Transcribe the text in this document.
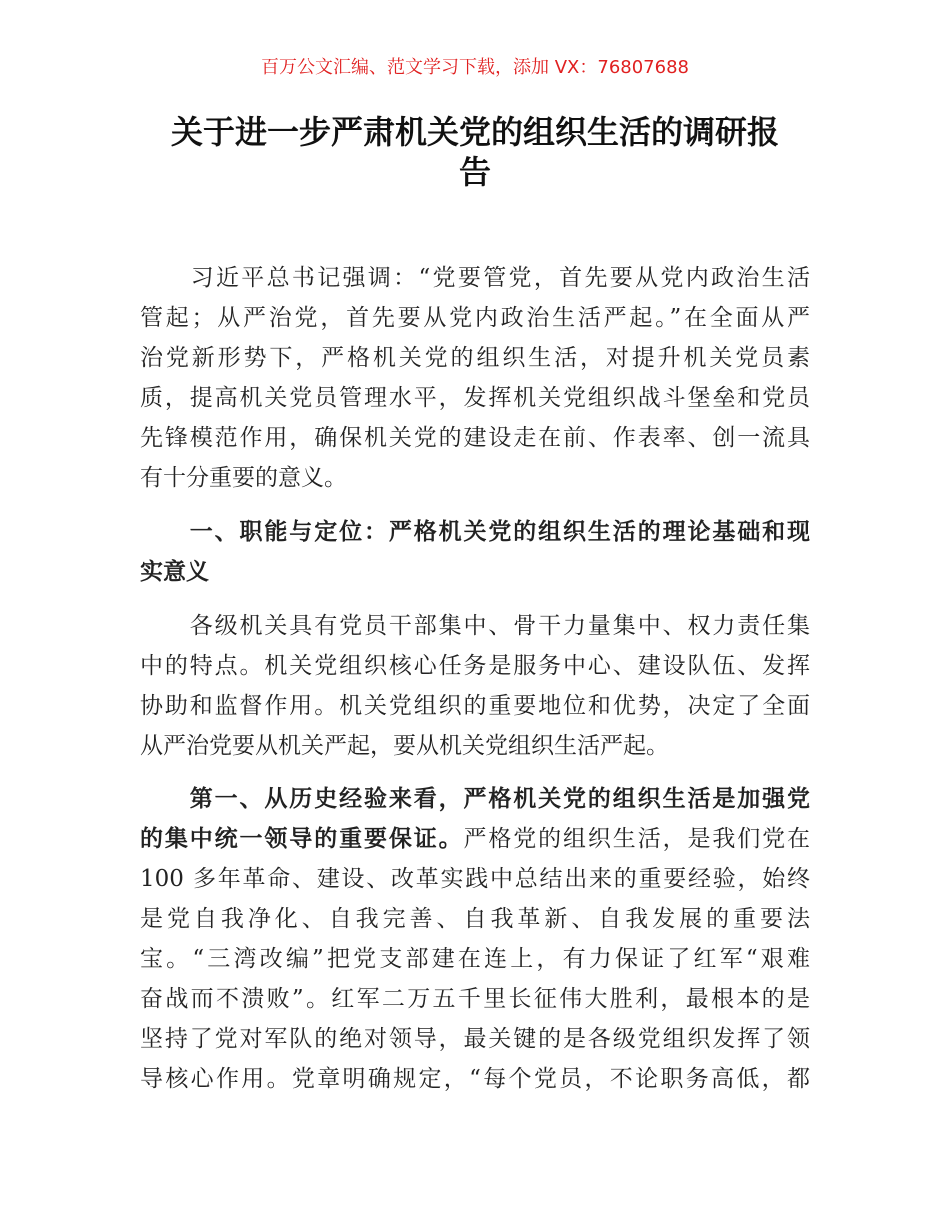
百万公文汇编、范文学习下载，添加 VX：76807688
关于进一步严肃机关党的组织生活的调研报
告
　　习近平总书记强调：“党要管党，首先要从党内政治生活
管起；从严治党，首先要从党内政治生活严起。”在全面从严
治党新形势下，严格机关党的组织生活，对提升机关党员素
质，提高机关党员管理水平，发挥机关党组织战斗堡垒和党员
先锋模范作用，确保机关党的建设走在前、作表率、创一流具
有十分重要的意义。
　　一、职能与定位：严格机关党的组织生活的理论基础和现
实意义
　　各级机关具有党员干部集中、骨干力量集中、权力责任集
中的特点。机关党组织核心任务是服务中心、建设队伍、发挥
协助和监督作用。机关党组织的重要地位和优势，决定了全面
从严治党要从机关严起，要从机关党组织生活严起。
　　第一、从历史经验来看，严格机关党的组织生活是加强党
的集中统一领导的重要保证。严格党的组织生活，是我们党在
100 多年革命、建设、改革实践中总结出来的重要经验，始终
是党自我净化、自我完善、自我革新、自我发展的重要法
宝。“三湾改编”把党支部建在连上，有力保证了红军“艰难
奋战而不溃败”。红军二万五千里长征伟大胜利，最根本的是
坚持了党对军队的绝对领导，最关键的是各级党组织发挥了领
导核心作用。党章明确规定，“每个党员，不论职务高低，都
